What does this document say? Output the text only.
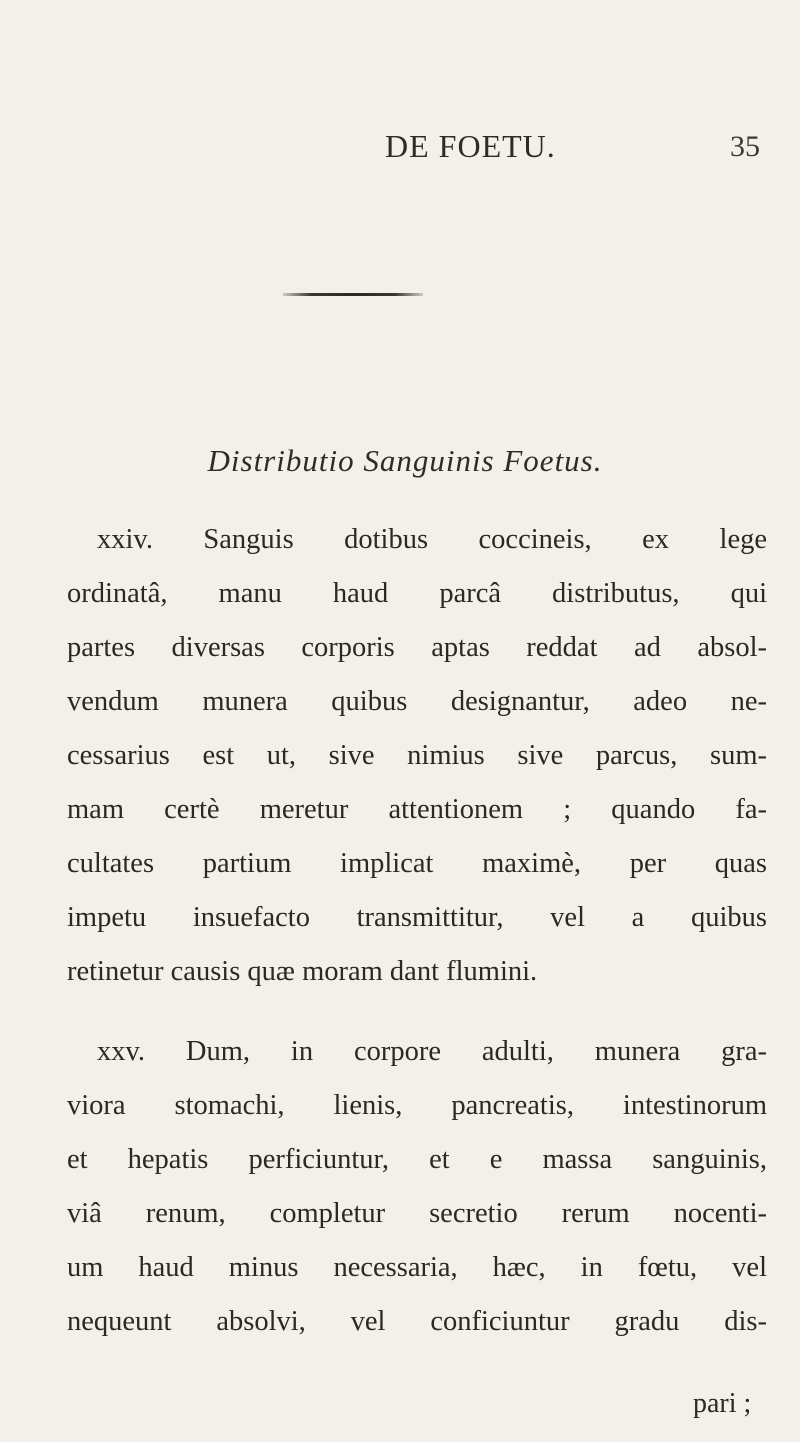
DE FOETU.	35
Distributio Sanguinis Foetus.
xxiv. Sanguis dotibus coccineis, ex lege
ordinatâ, manu haud parcâ distributus, qui
partes diversas corporis aptas reddat ad absol-
vendum munera quibus designantur, adeo ne-
cessarius est ut, sive nimius sive parcus, sum-
mam certè meretur attentionem ; quando fa-
cultates partium implicat maximè, per quas
impetu insuefacto transmittitur, vel a quibus
retinetur causis quæ moram dant flumini.
xxv. Dum, in corpore adulti, munera gra-
viora stomachi, lienis, pancreatis, intestinorum
et hepatis perficiuntur, et e massa sanguinis,
viâ renum, completur secretio rerum nocenti-
um haud minus necessaria, hæc, in fœtu, vel
nequeunt absolvi, vel conficiuntur gradu dis-
pari ;
